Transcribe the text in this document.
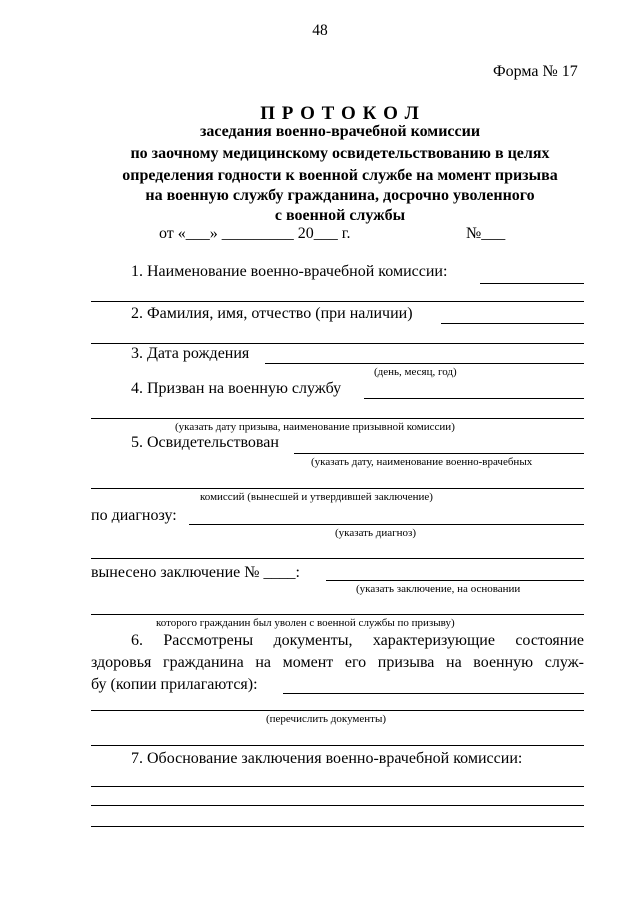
48
Форма № 17
П Р О Т О К О Л
заседания военно-врачебной комиссии
по заочному медицинскому освидетельствованию в целях
определения годности к военной службе на момент призыва
на военную службу гражданина, досрочно уволенного
с военной службы
от «___» _________ 20___ г.	№___
1. Наименование военно-врачебной комиссии:
2. Фамилия, имя, отчество (при наличии)
3. Дата рождения
(день, месяц, год)
4. Призван на военную службу
(указать дату призыва, наименование призывной комиссии)
5. Освидетельствован
(указать дату, наименование военно-врачебных
комиссий (вынесшей и утвердившей заключение)
по диагнозу:
(указать диагноз)
вынесено заключение № ____:
(указать заключение, на основании
которого гражданин был уволен с военной службы по призыву)
6. Рассмотрены документы, характеризующие состояние
здоровья гражданина на момент его призыва на военную служ-
бу (копии прилагаются):
(перечислить документы)
7. Обоснование заключения военно-врачебной комиссии:
